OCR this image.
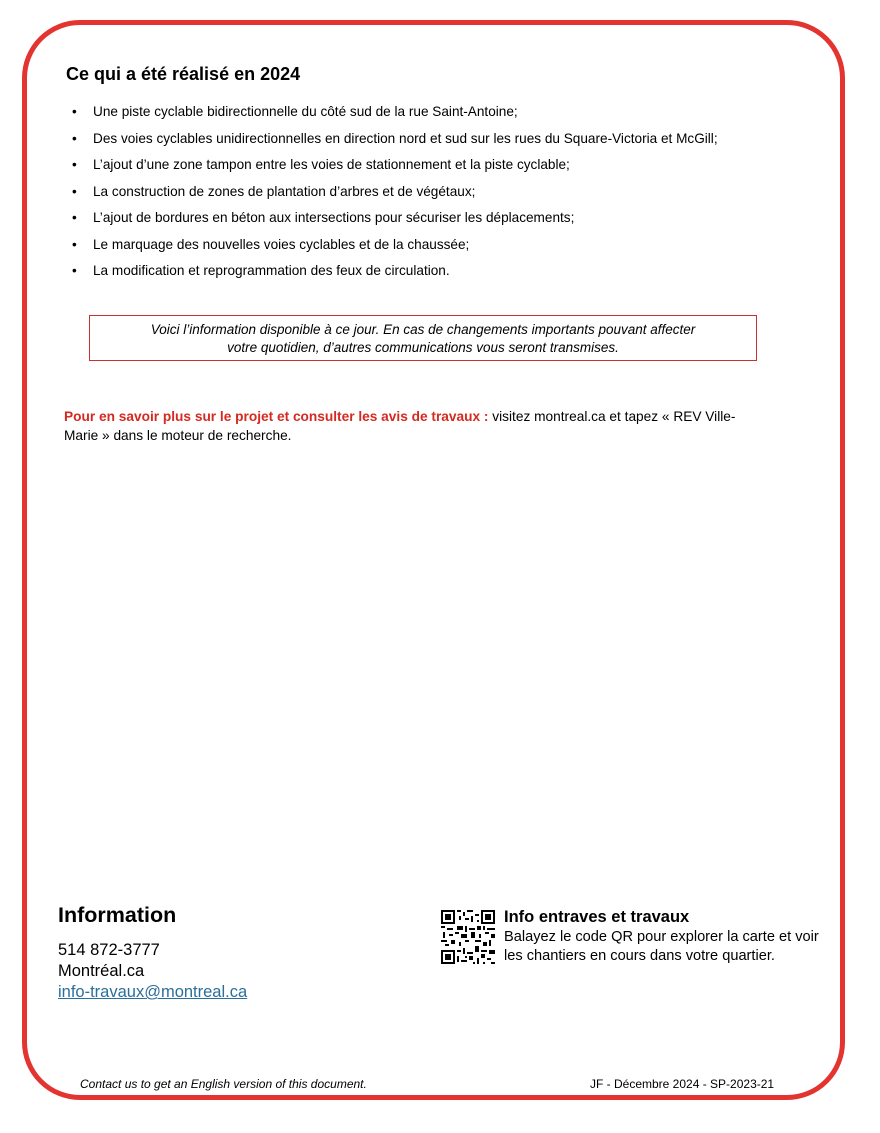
Ce qui a été réalisé en 2024
•	Une piste cyclable bidirectionnelle du côté sud de la rue Saint-Antoine;
•	Des voies cyclables unidirectionnelles en direction nord et sud sur les rues du Square-Victoria et McGill;
•	L’ajout d’une zone tampon entre les voies de stationnement et la piste cyclable;
•	La construction de zones de plantation d’arbres et de végétaux;
•	L’ajout de bordures en béton aux intersections pour sécuriser les déplacements;
•	Le marquage des nouvelles voies cyclables et de la chaussée;
•	La modification et reprogrammation des feux de circulation.
Voici l’information disponible à ce jour. En cas de changements importants pouvant affecter
votre quotidien, d’autres communications vous seront transmises.

Pour en savoir plus sur le projet et consulter les avis de travaux : visitez montreal.ca et tapez « REV Ville-Marie » dans le moteur de recherche.

Information
514 872-3777
Montréal.ca
info-travaux@montreal.ca
Info entraves et travaux
Balayez le code QR pour explorer la carte et voir les chantiers en cours dans votre quartier.
Contact us to get an English version of this document.	JF - Décembre 2024 - SP-2023-21
